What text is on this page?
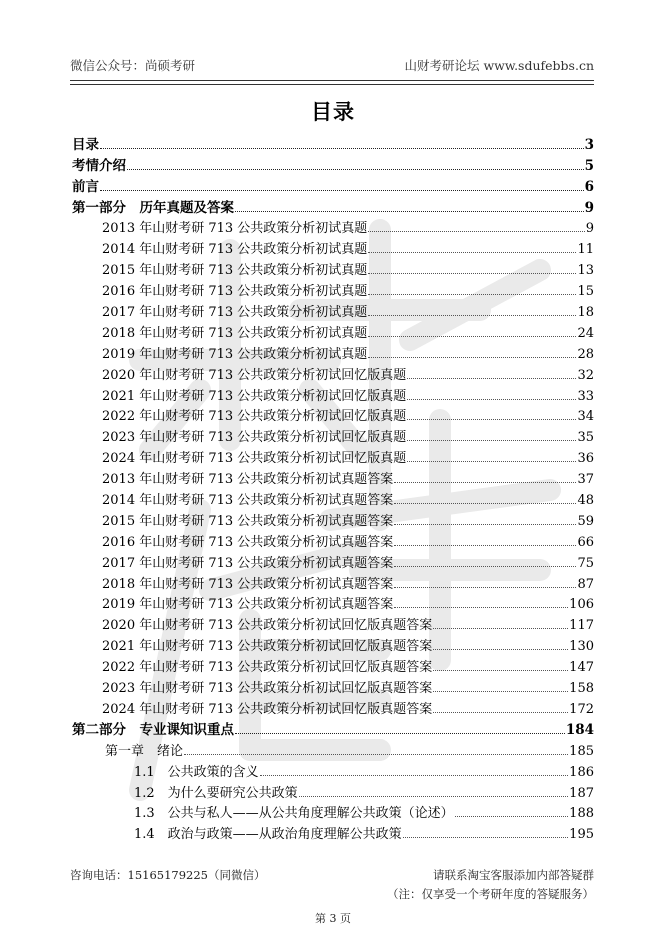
微信公众号：尚硕考研	山财考研论坛 www.sdufebbs.cn
目录
目录	3
考情介绍	5
前言	6
第一部分　历年真题及答案	9
2013 年山财考研 713 公共政策分析初试真题	9
2014 年山财考研 713 公共政策分析初试真题	11
2015 年山财考研 713 公共政策分析初试真题	13
2016 年山财考研 713 公共政策分析初试真题	15
2017 年山财考研 713 公共政策分析初试真题	18
2018 年山财考研 713 公共政策分析初试真题	24
2019 年山财考研 713 公共政策分析初试真题	28
2020 年山财考研 713 公共政策分析初试回忆版真题	32
2021 年山财考研 713 公共政策分析初试回忆版真题	33
2022 年山财考研 713 公共政策分析初试回忆版真题	34
2023 年山财考研 713 公共政策分析初试回忆版真题	35
2024 年山财考研 713 公共政策分析初试回忆版真题	36
2013 年山财考研 713 公共政策分析初试真题答案	37
2014 年山财考研 713 公共政策分析初试真题答案	48
2015 年山财考研 713 公共政策分析初试真题答案	59
2016 年山财考研 713 公共政策分析初试真题答案	66
2017 年山财考研 713 公共政策分析初试真题答案	75
2018 年山财考研 713 公共政策分析初试真题答案	87
2019 年山财考研 713 公共政策分析初试真题答案	106
2020 年山财考研 713 公共政策分析初试回忆版真题答案	117
2021 年山财考研 713 公共政策分析初试回忆版真题答案	130
2022 年山财考研 713 公共政策分析初试回忆版真题答案	147
2023 年山财考研 713 公共政策分析初试回忆版真题答案	158
2024 年山财考研 713 公共政策分析初试回忆版真题答案	172
第二部分　专业课知识重点	184
第一章　绪论	185
1.1　公共政策的含义	186
1.2　为什么要研究公共政策	187
1.3　公共与私人——从公共角度理解公共政策（论述）	188
1.4　政治与政策——从政治角度理解公共政策	195
咨询电话：15165179225（同微信）	请联系淘宝客服添加内部答疑群
（注：仅享受一个考研年度的答疑服务）
第 3 页
